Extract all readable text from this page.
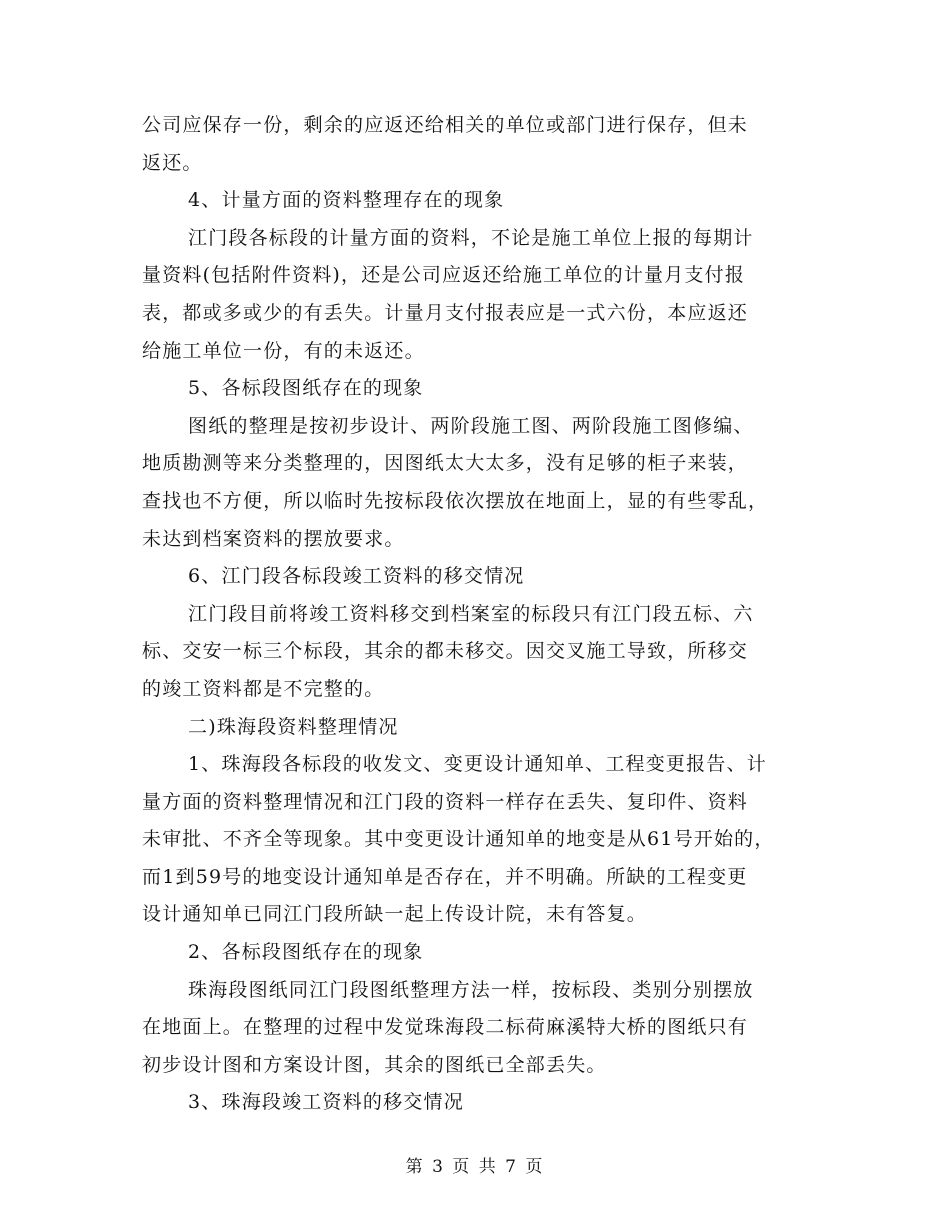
公司应保存一份，剩余的应返还给相关的单位或部门进行保存，但未
返还。
4、计量方面的资料整理存在的现象
江门段各标段的计量方面的资料，不论是施工单位上报的每期计
量资料(包括附件资料)，还是公司应返还给施工单位的计量月支付报
表，都或多或少的有丢失。计量月支付报表应是一式六份，本应返还
给施工单位一份，有的未返还。
5、各标段图纸存在的现象
图纸的整理是按初步设计、两阶段施工图、两阶段施工图修编、
地质勘测等来分类整理的，因图纸太大太多，没有足够的柜子来装，
查找也不方便，所以临时先按标段依次摆放在地面上，显的有些零乱，
未达到档案资料的摆放要求。
6、江门段各标段竣工资料的移交情况
江门段目前将竣工资料移交到档案室的标段只有江门段五标、六
标、交安一标三个标段，其余的都未移交。因交叉施工导致，所移交
的竣工资料都是不完整的。
二)珠海段资料整理情况
1、珠海段各标段的收发文、变更设计通知单、工程变更报告、计
量方面的资料整理情况和江门段的资料一样存在丢失、复印件、资料
未审批、不齐全等现象。其中变更设计通知单的地变是从61号开始的，
而1到59号的地变设计通知单是否存在，并不明确。所缺的工程变更
设计通知单已同江门段所缺一起上传设计院，未有答复。
2、各标段图纸存在的现象
珠海段图纸同江门段图纸整理方法一样，按标段、类别分别摆放
在地面上。在整理的过程中发觉珠海段二标荷麻溪特大桥的图纸只有
初步设计图和方案设计图，其余的图纸已全部丢失。
3、珠海段竣工资料的移交情况
第 3 页 共 7 页
